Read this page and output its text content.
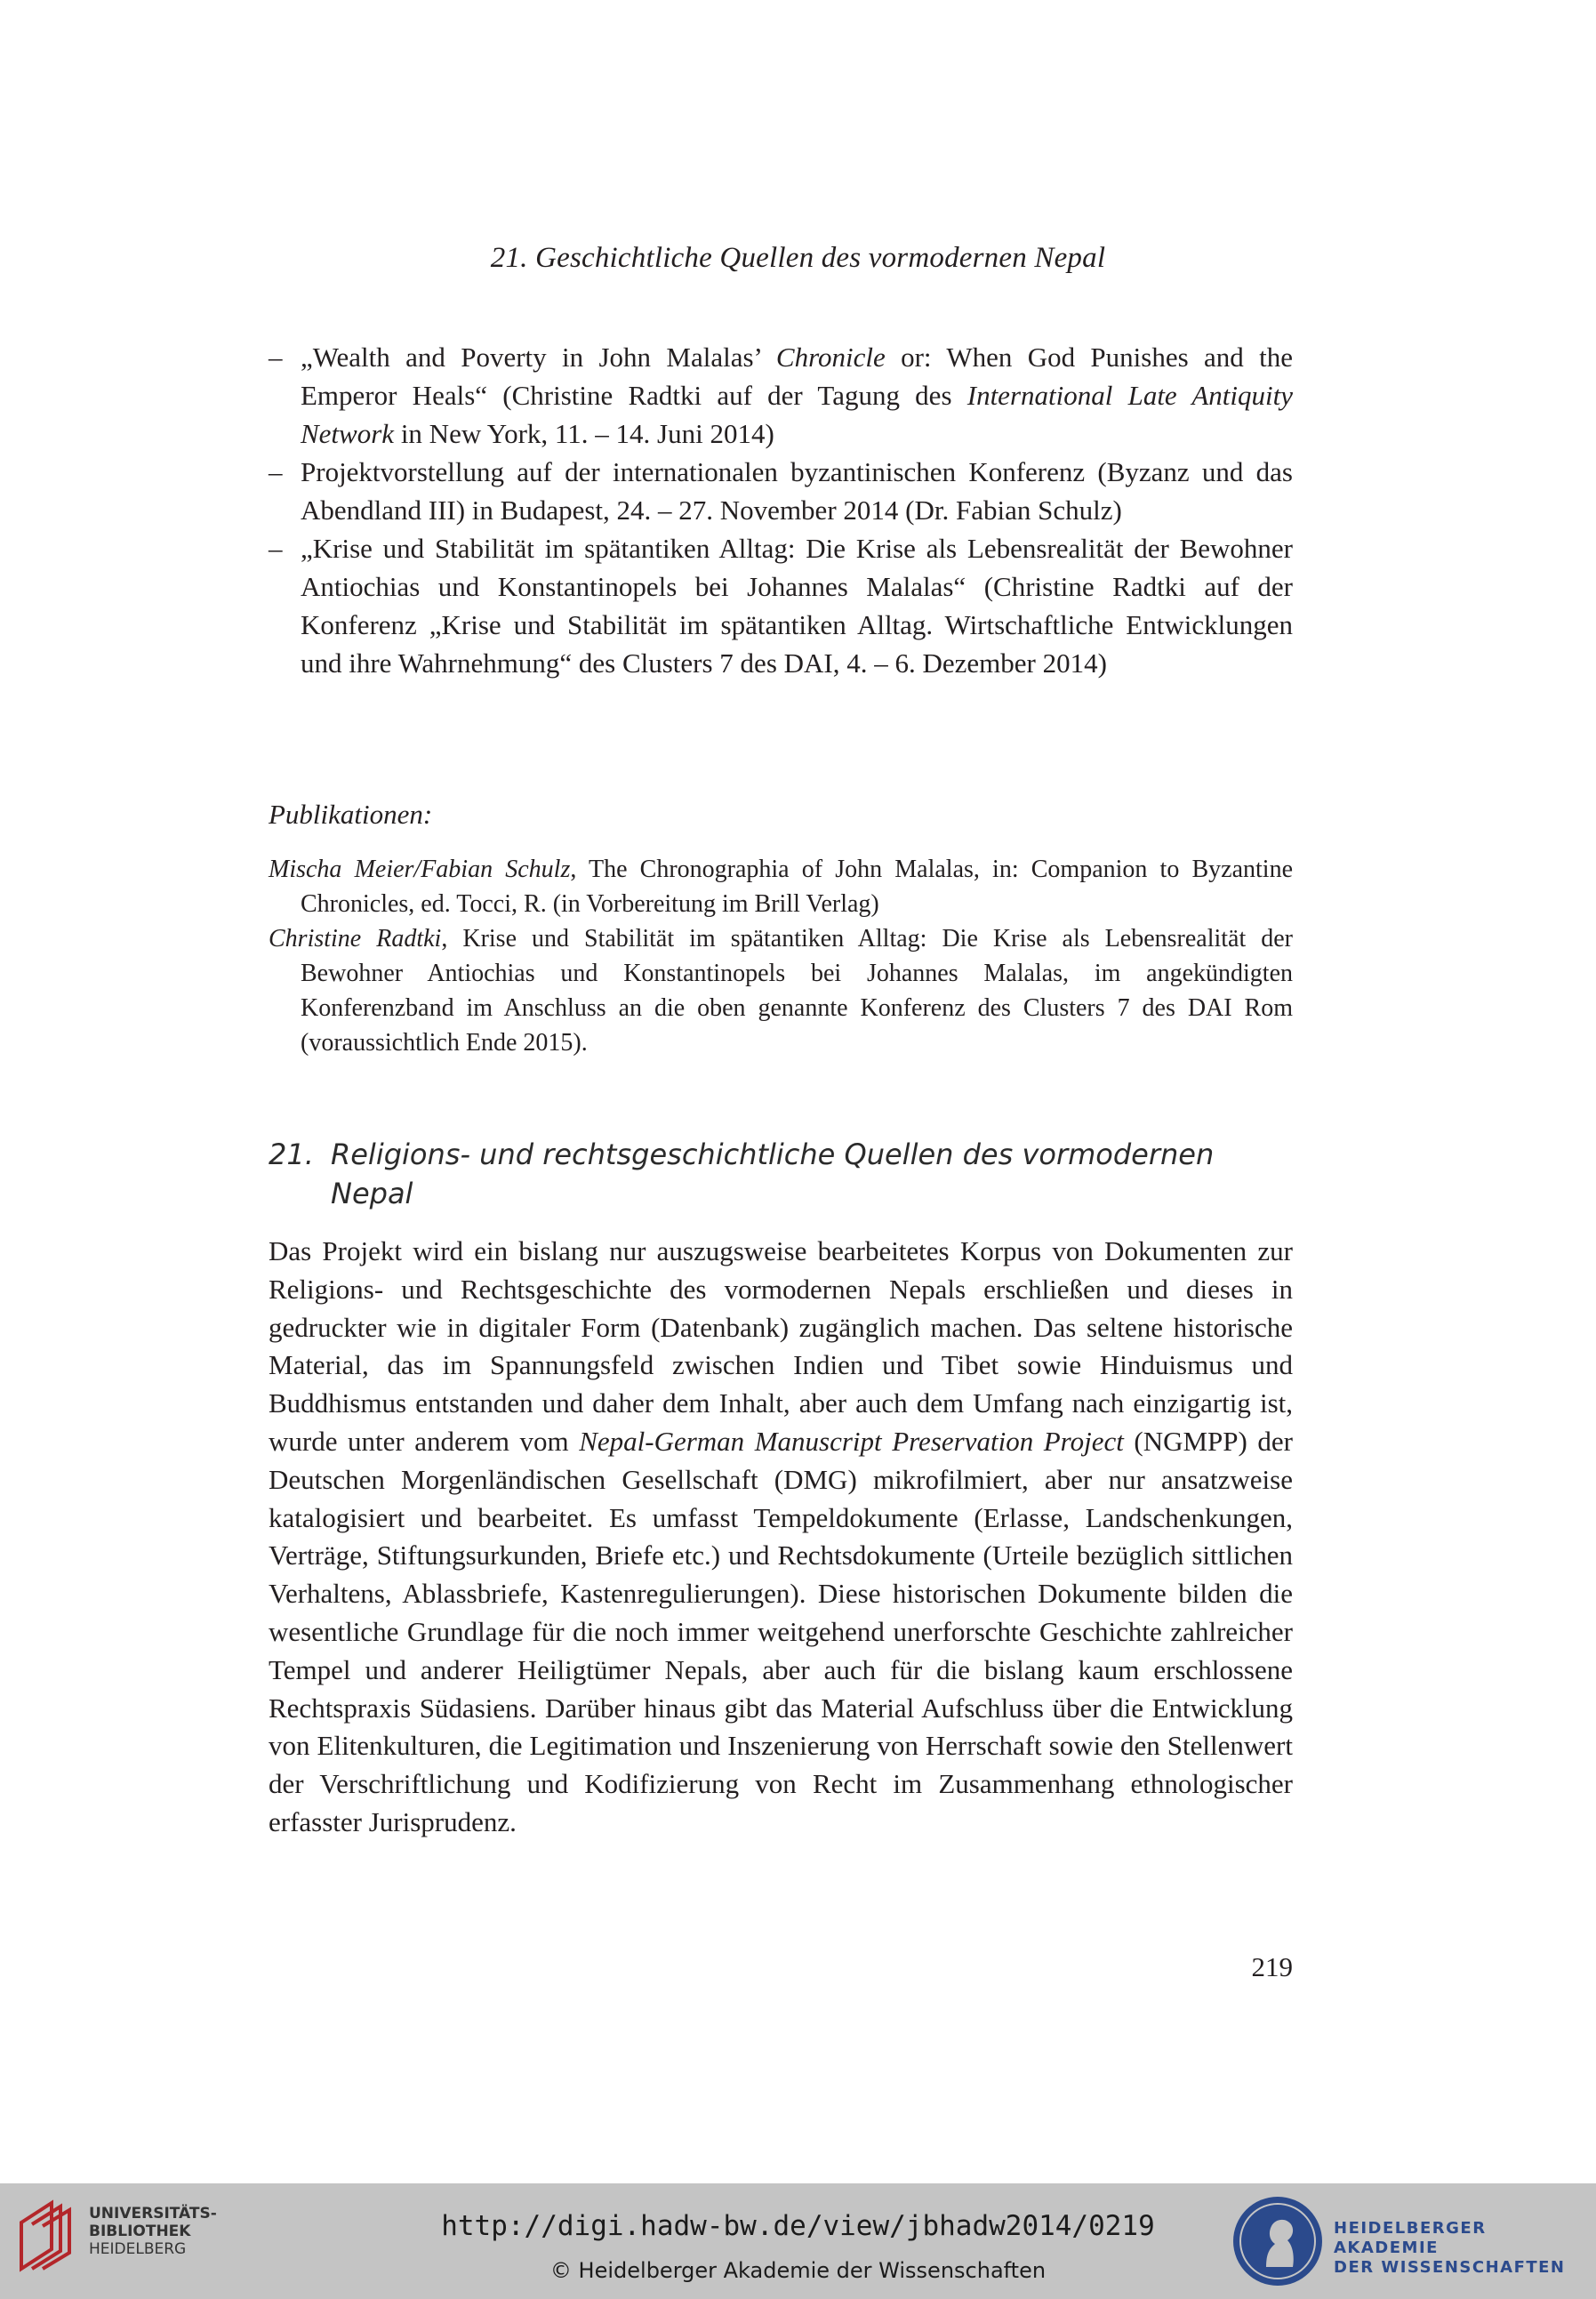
21. Geschichtliche Quellen des vormodernen Nepal

– „Wealth and Poverty in John Malalas’ Chronicle or: When God Punishes and the Emperor Heals“ (Christine Radtki auf der Tagung des International Late Antiquity Network in New York, 11. – 14. Juni 2014)

– Projektvorstellung auf der internationalen byzantinischen Konferenz (Byzanz und das Abendland III) in Budapest, 24. – 27. November 2014 (Dr. Fabian Schulz)

– „Krise und Stabilität im spätantiken Alltag: Die Krise als Lebensrealität der Bewohner Antiochias und Konstantinopels bei Johannes Malalas“ (Christine Radtki auf der Konferenz „Krise und Stabilität im spätantiken Alltag. Wirtschaftliche Entwicklungen und ihre Wahrnehmung“ des Clusters 7 des DAI, 4. – 6. Dezember 2014)

Publikationen:

Mischa Meier/Fabian Schulz, The Chronographia of John Malalas, in: Companion to Byzantine Chronicles, ed. Tocci, R. (in Vorbereitung im Brill Verlag)

Christine Radtki, Krise und Stabilität im spätantiken Alltag: Die Krise als Lebensrealität der Bewohner Antiochias und Konstantinopels bei Johannes Malalas, im angekündigten Konferenzband im Anschluss an die oben genannte Konferenz des Clusters 7 des DAI Rom (voraussichtlich Ende 2015).

21. Religions- und rechtsgeschichtliche Quellen des vormodernen Nepal

Das Projekt wird ein bislang nur auszugsweise bearbeitetes Korpus von Dokumenten zur Religions- und Rechtsgeschichte des vormodernen Nepals erschließen und dieses in gedruckter wie in digitaler Form (Datenbank) zugänglich machen. Das seltene historische Material, das im Spannungsfeld zwischen Indien und Tibet sowie Hinduismus und Buddhismus entstanden und daher dem Inhalt, aber auch dem Umfang nach einzigartig ist, wurde unter anderem vom Nepal-German Manuscript Preservation Project (NGMPP) der Deutschen Morgenländischen Gesellschaft (DMG) mikrofilmiert, aber nur ansatzweise katalogisiert und bearbeitet. Es umfasst Tempeldokumente (Erlasse, Landschenkungen, Verträge, Stiftungsurkunden, Briefe etc.) und Rechtsdokumente (Urteile bezüglich sittlichen Verhaltens, Ablassbriefe, Kastenregulierungen). Diese historischen Dokumente bilden die wesentliche Grundlage für die noch immer weitgehend unerforschte Geschichte zahlreicher Tempel und anderer Heiligtümer Nepals, aber auch für die bislang kaum erschlossene Rechtspraxis Südasiens. Darüber hinaus gibt das Material Aufschluss über die Entwicklung von Elitenkulturen, die Legitimation und Inszenierung von Herrschaft sowie den Stellenwert der Verschriftlichung und Kodifizierung von Recht im Zusammenhang ethnologischer erfasster Jurisprudenz.

219
UNIVERSITÄTS-
BIBLIOTHEK
HEIDELBERG
http://digi.hadw-bw.de/view/jbhadw2014/0219
© Heidelberger Akademie der Wissenschaften
HEIDELBERGER AKADEMIE
DER WISSENSCHAFTEN
